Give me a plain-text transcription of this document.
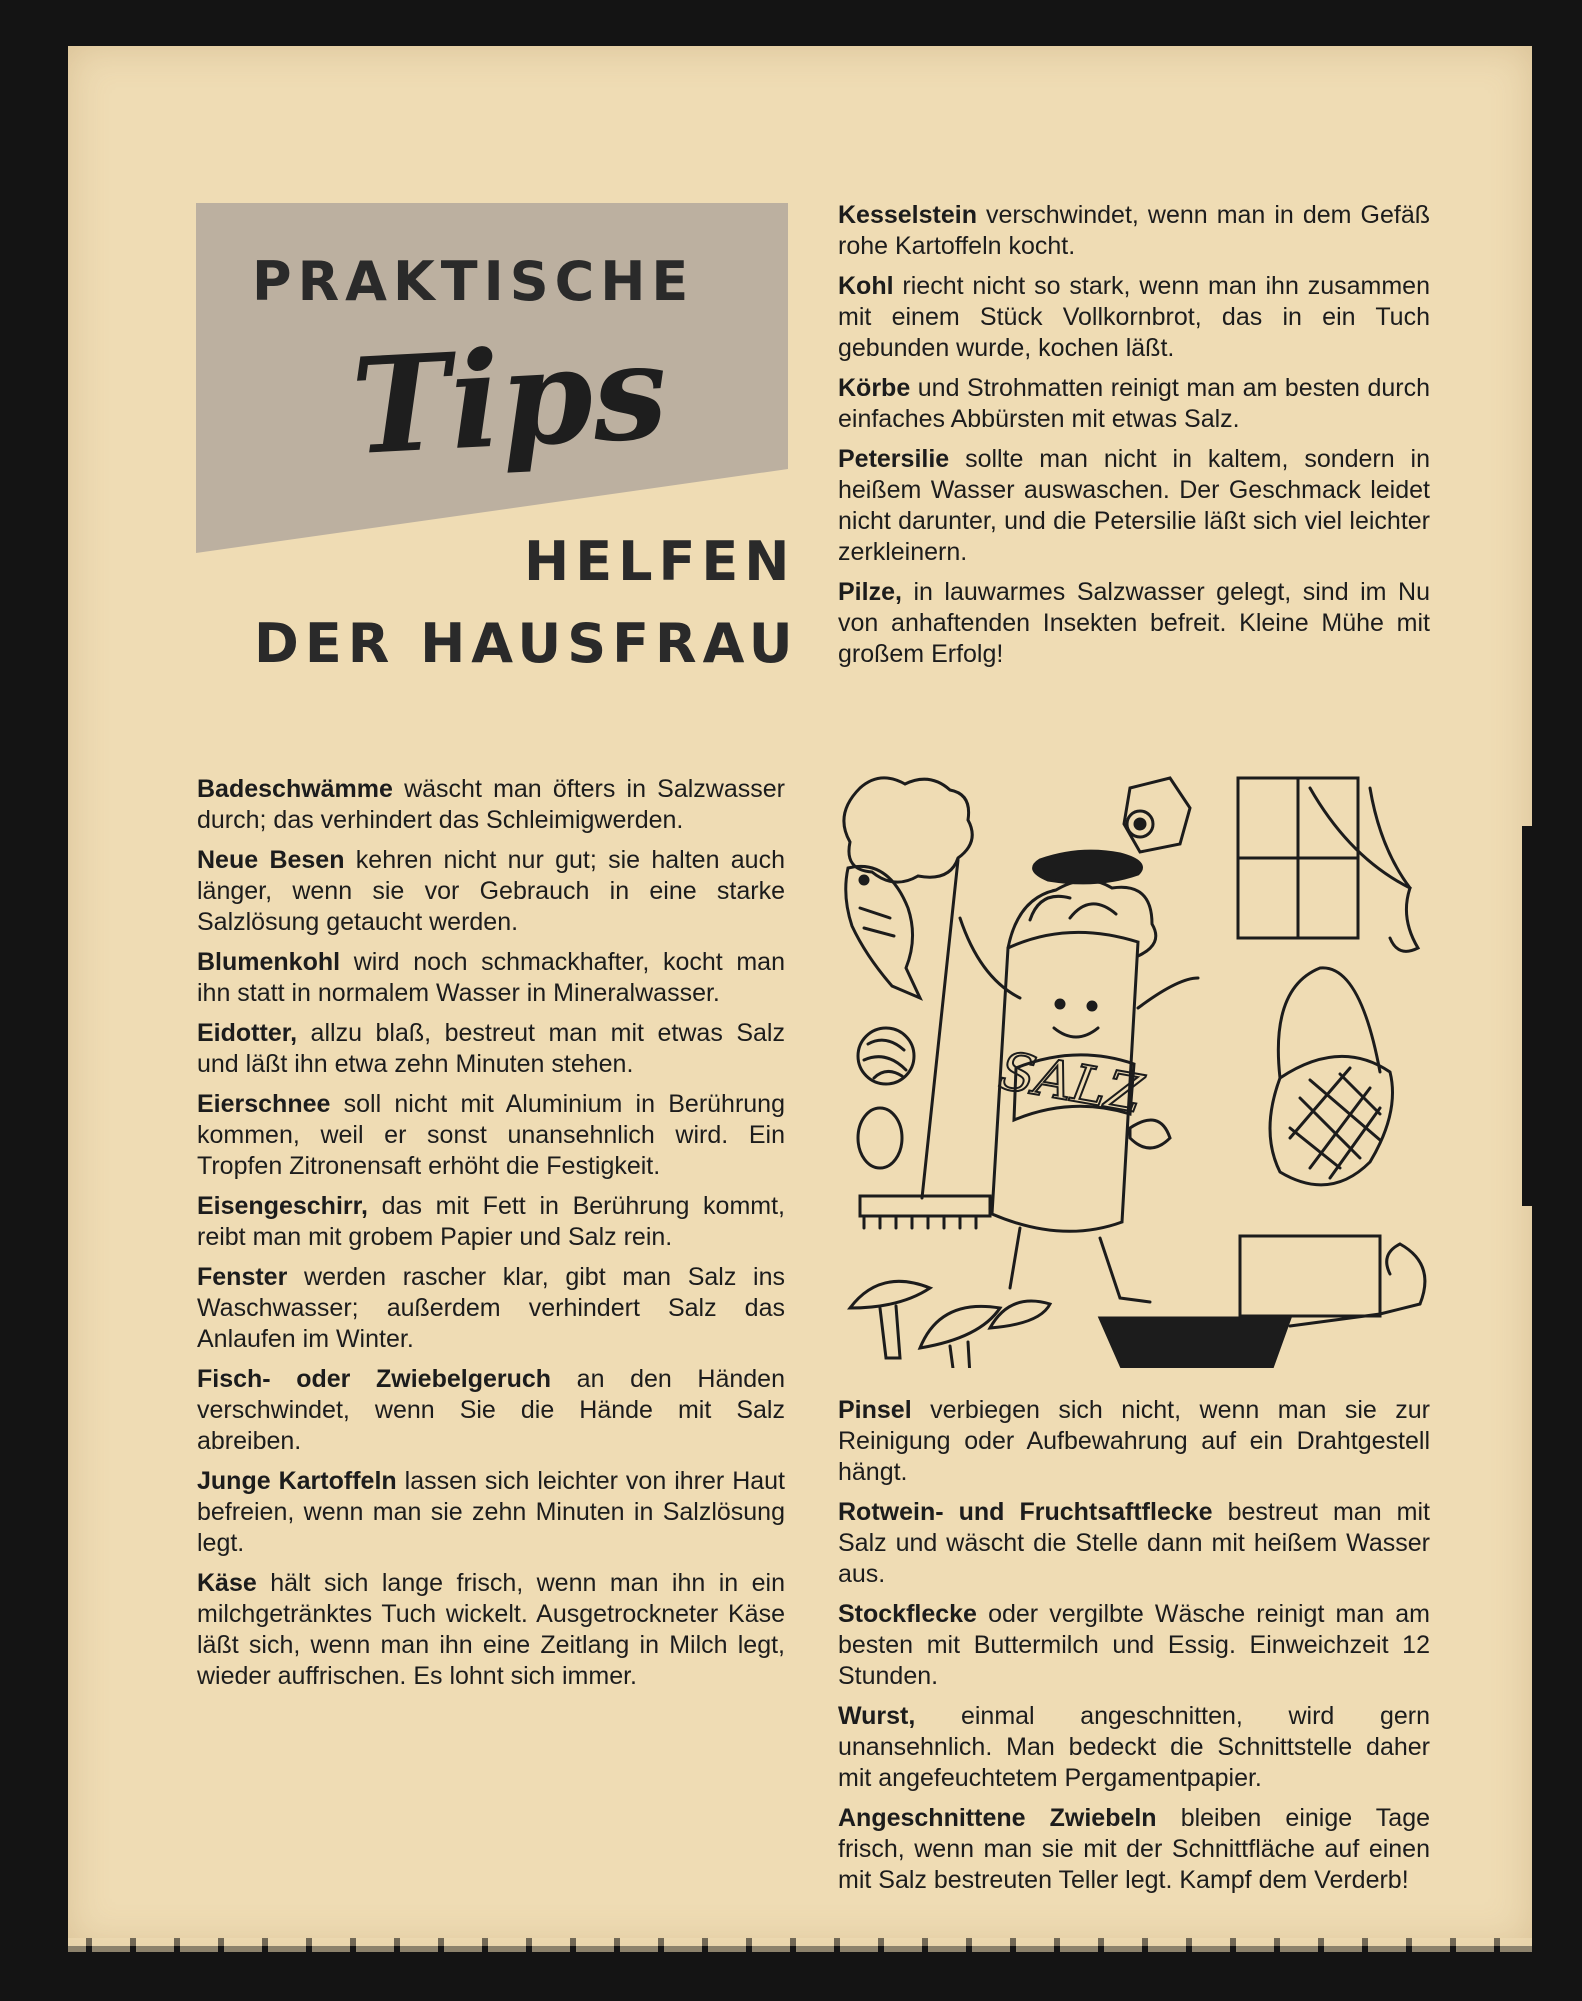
PRAKTISCHE
Tips
HELFEN
DER HAUSFRAU

Badeschwämme wäscht man öfters in Salzwasser durch; das verhindert das Schleimigwerden.

Neue Besen kehren nicht nur gut; sie halten auch länger, wenn sie vor Gebrauch in eine starke Salzlösung getaucht werden.

Blumenkohl wird noch schmackhafter, kocht man ihn statt in normalem Wasser in Mineralwasser.

Eidotter, allzu blaß, bestreut man mit etwas Salz und läßt ihn etwa zehn Minuten stehen.

Eierschnee soll nicht mit Aluminium in Berührung kommen, weil er sonst unansehnlich wird. Ein Tropfen Zitronensaft erhöht die Festigkeit.

Eisengeschirr, das mit Fett in Berührung kommt, reibt man mit grobem Papier und Salz rein.

Fenster werden rascher klar, gibt man Salz ins Waschwasser; außerdem verhindert Salz das Anlaufen im Winter.

Fisch- oder Zwiebelgeruch an den Händen verschwindet, wenn Sie die Hände mit Salz abreiben.

Junge Kartoffeln lassen sich leichter von ihrer Haut befreien, wenn man sie zehn Minuten in Salzlösung legt.

Käse hält sich lange frisch, wenn man ihn in ein milchgetränktes Tuch wickelt. Ausgetrockneter Käse läßt sich, wenn man ihn eine Zeitlang in Milch legt, wieder auffrischen. Es lohnt sich immer.

Kesselstein verschwindet, wenn man in dem Gefäß rohe Kartoffeln kocht.

Kohl riecht nicht so stark, wenn man ihn zusammen mit einem Stück Vollkornbrot, das in ein Tuch gebunden wurde, kochen läßt.

Körbe und Strohmatten reinigt man am besten durch einfaches Abbürsten mit etwas Salz.

Petersilie sollte man nicht in kaltem, sondern in heißem Wasser auswaschen. Der Geschmack leidet nicht darunter, und die Petersilie läßt sich viel leichter zerkleinern.

Pilze, in lauwarmes Salzwasser gelegt, sind im Nu von anhaftenden Insekten befreit. Kleine Mühe mit großem Erfolg!

SALZ

Pinsel verbiegen sich nicht, wenn man sie zur Reinigung oder Aufbewahrung auf ein Drahtgestell hängt.

Rotwein- und Fruchtsaftflecke bestreut man mit Salz und wäscht die Stelle dann mit heißem Wasser aus.

Stockflecke oder vergilbte Wäsche reinigt man am besten mit Buttermilch und Essig. Einweichzeit 12 Stunden.

Wurst, einmal angeschnitten, wird gern unansehnlich. Man bedeckt die Schnittstelle daher mit angefeuchtetem Pergamentpapier.

Angeschnittene Zwiebeln bleiben einige Tage frisch, wenn man sie mit der Schnittfläche auf einen mit Salz bestreuten Teller legt. Kampf dem Verderb!
